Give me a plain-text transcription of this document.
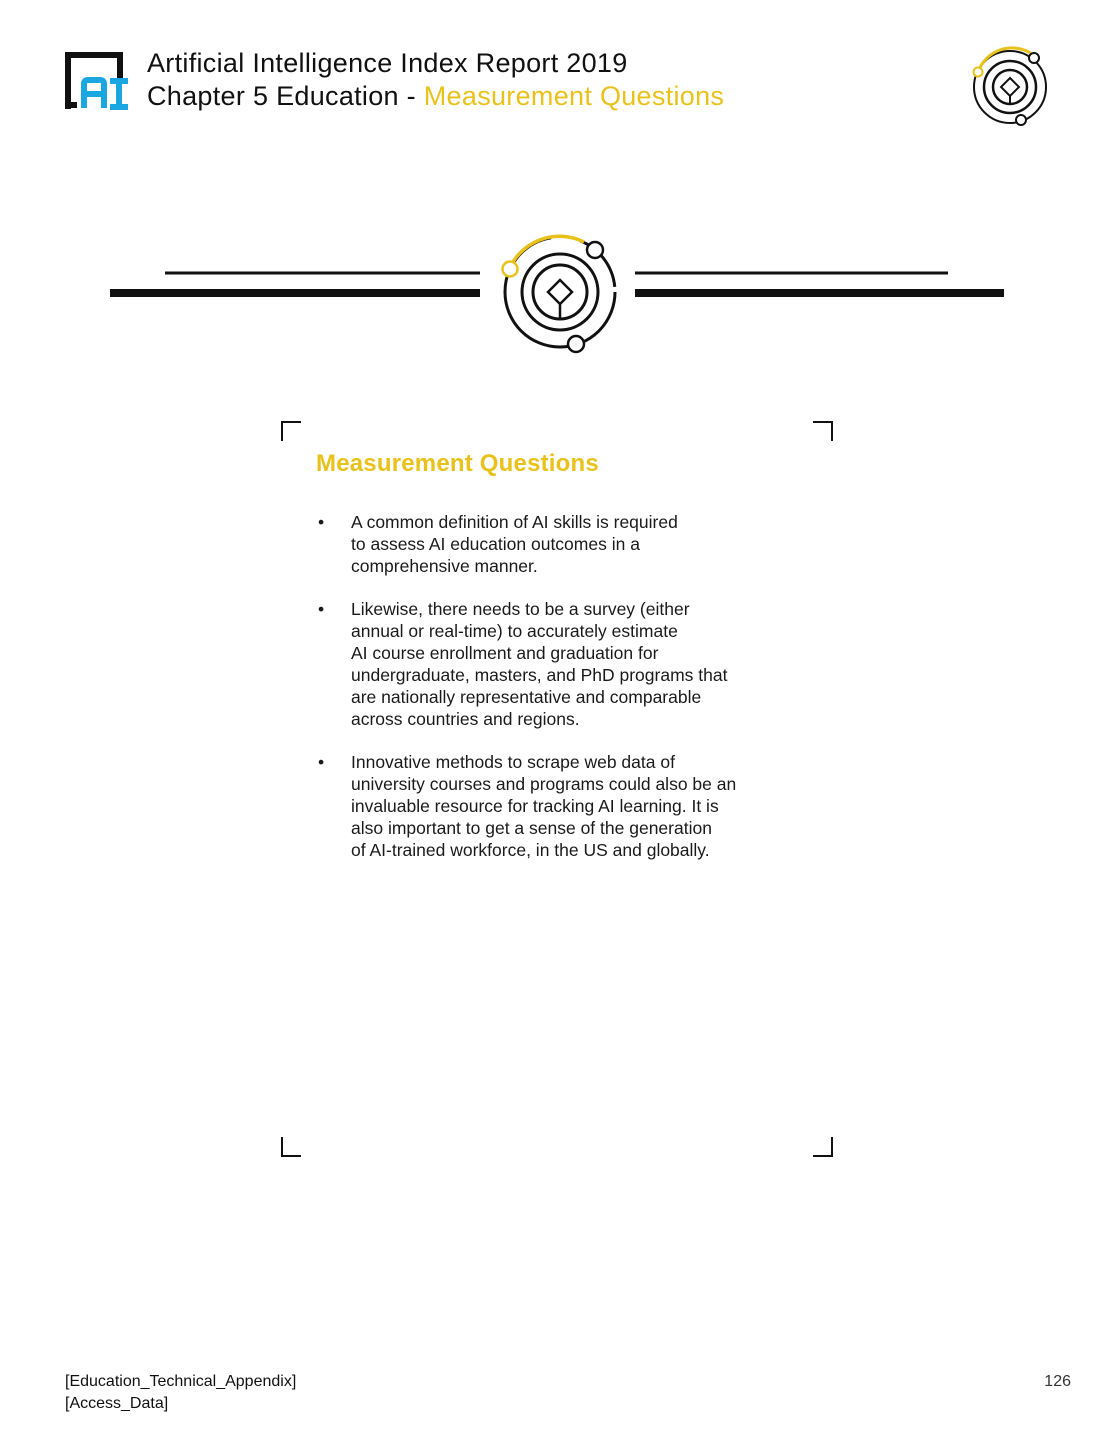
Artificial Intelligence Index Report 2019
Chapter 5 Education - Measurement Questions
Measurement Questions
• A common definition of AI skills is required
to assess AI education outcomes in a
comprehensive manner.
• Likewise, there needs to be a survey (either
annual or real-time) to accurately estimate
AI course enrollment and graduation for
undergraduate, masters, and PhD programs that
are nationally representative and comparable
across countries and regions.
• Innovative methods to scrape web data of
university courses and programs could also be an
invaluable resource for tracking AI learning. It is
also important to get a sense of the generation
of AI-trained workforce, in the US and globally.
[Education_Technical_Appendix]
[Access_Data]
126
